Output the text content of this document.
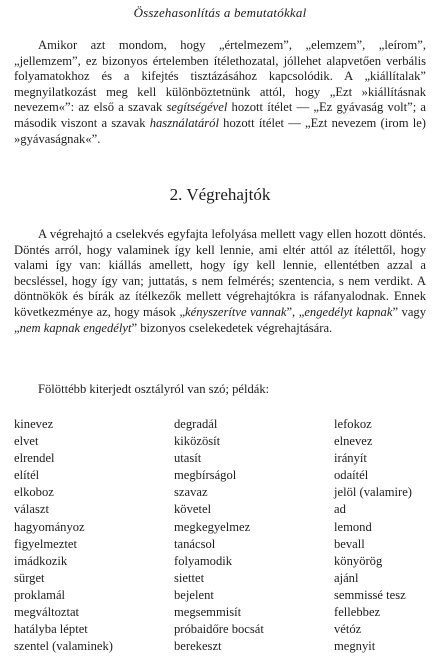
Összehasonlítás a bemutatókkal

Amikor azt mondom, hogy „értelmezem”, „elemzem”, „leírom”, „jellemzem”, ez bizonyos értelemben ítélethozatal, jóllehet alapvetően verbális folyamatokhoz és a kifejtés tisztázásához kapcsolódik. A „kiállítalak” megnyilatkozást meg kell különböztetnünk attól, hogy „Ezt »kiállításnak nevezem«”: az első a szavak segítségével hozott ítélet — „Ez gyávaság volt”; a második viszont a szavak használatáról hozott ítélet — „Ezt nevezem (irom le) »gyávaságnak«”.

2. Végrehajtók

A végrehajtó a cselekvés egyfajta lefolyása mellett vagy ellen hozott döntés. Döntés arról, hogy valaminek így kell lennie, ami eltér attól az ítélettől, hogy valami így van: kiállás amellett, hogy így kell lennie, ellentétben azzal a becsléssel, hogy így van; juttatás, s nem felmérés; szentencia, s nem verdikt. A döntnökök és bírák az ítélkezők mellett végrehajtókra is ráfanyalodnak. Ennek következménye az, hogy mások „kényszerítve vannak”, „engedélyt kapnak” vagy „nem kapnak engedélyt” bizonyos cselekedetek végrehajtására.

Fölöttébb kiterjedt osztályról van szó; példák:
kinevez
elvet
elrendel
elítél
elkoboz
választ
hagyományoz
figyelmeztet
imádkozik
sürget
proklamál
megváltoztat
hatályba léptet
szentel (valaminek)
degradál
kiközösít
utasít
megbírságol
szavaz
követel
megkegyelmez
tanácsol
folyamodik
siettet
bejelent
megsemmisít
próbaidőre bocsát
berekeszt
lefokoz
elnevez
irányít
odaítél
jelöl (valamire)
ad
lemond
bevall
könyörög
ajánl
semmissé tesz
fellebbez
vétóz
megnyit
